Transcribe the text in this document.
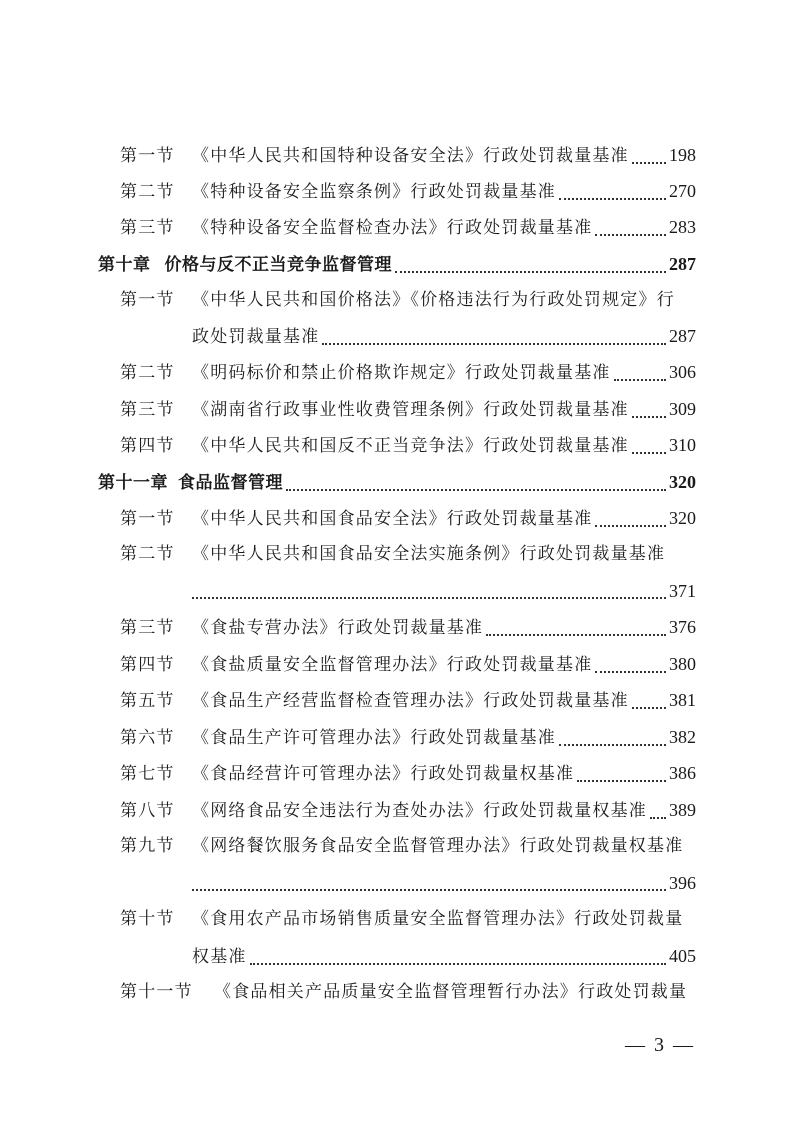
第一节 《中华人民共和国特种设备安全法》行政处罚裁量基准 198
第二节 《特种设备安全监察条例》行政处罚裁量基准	270
第三节 《特种设备安全监督检查办法》行政处罚裁量基准	283
第十章 价格与反不正当竞争监督管理	287
第一节 《中华人民共和国价格法》《价格违法行为行政处罚规定》行
政处罚裁量基准	287
第二节 《明码标价和禁止价格欺诈规定》行政处罚裁量基准	306
第三节 《湖南省行政事业性收费管理条例》行政处罚裁量基准 309
第四节 《中华人民共和国反不正当竞争法》行政处罚裁量基准 310
第十一章 食品监督管理	320
第一节 《中华人民共和国食品安全法》行政处罚裁量基准	320
第二节 《中华人民共和国食品安全法实施条例》行政处罚裁量基准
371
第三节 《食盐专营办法》行政处罚裁量基准	376
第四节 《食盐质量安全监督管理办法》行政处罚裁量基准	380
第五节 《食品生产经营监督检查管理办法》行政处罚裁量基准 381
第六节 《食品生产许可管理办法》行政处罚裁量基准	382
第七节 《食品经营许可管理办法》行政处罚裁量权基准	386
第八节 《网络食品安全违法行为查处办法》行政处罚裁量权基准 389
第九节 《网络餐饮服务食品安全监督管理办法》行政处罚裁量权基准
396
第十节 《食用农产品市场销售质量安全监督管理办法》行政处罚裁量
权基准	405
第十一节 《食品相关产品质量安全监督管理暂行办法》行政处罚裁量
— 3 —
